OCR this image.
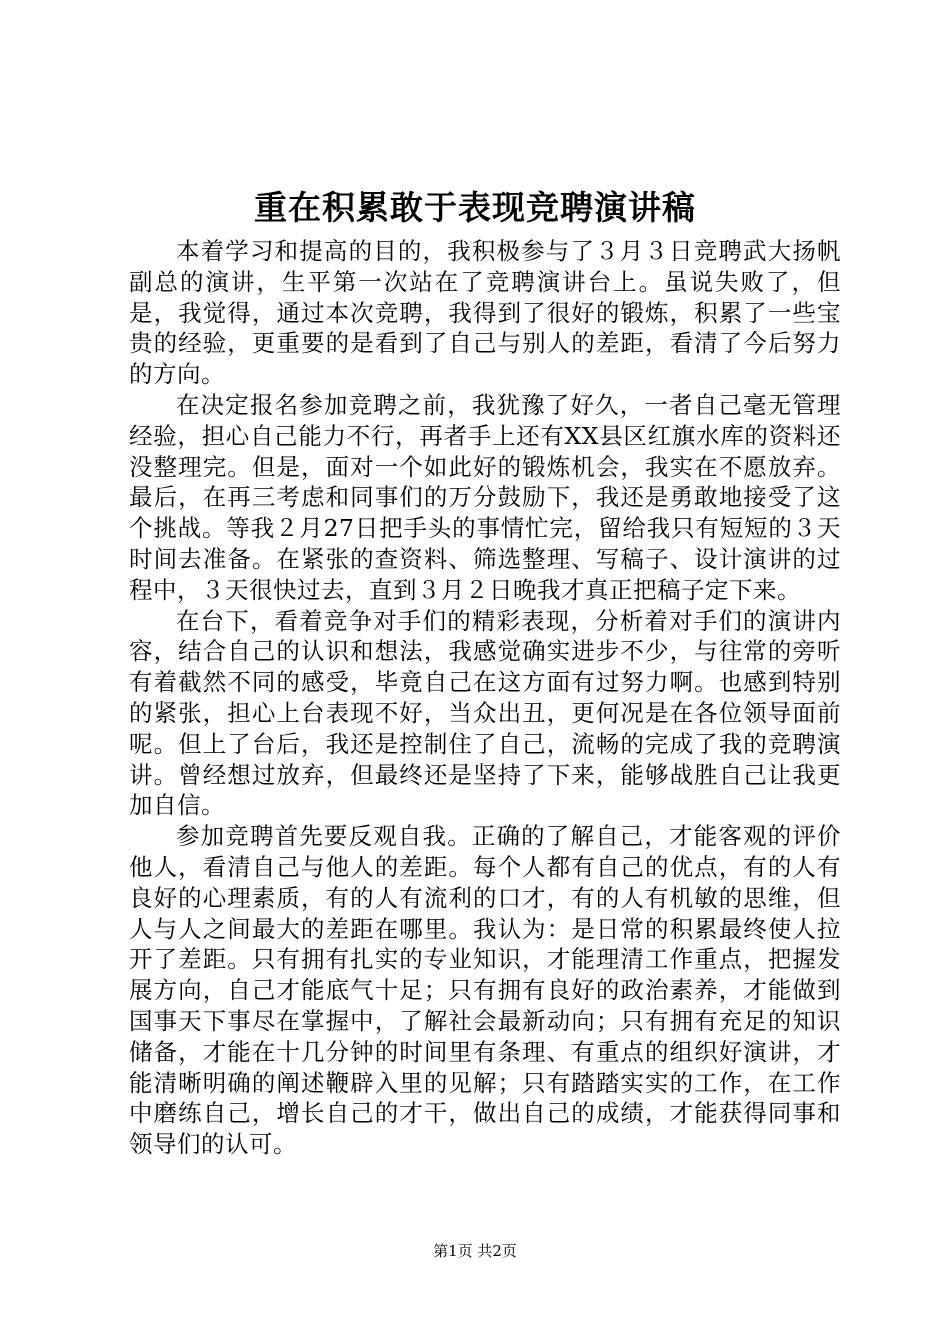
重在积累敢于表现竞聘演讲稿

本着学习和提高的目的，我积极参与了３月３日竞聘武大扬帆副总的演讲，生平第一次站在了竞聘演讲台上。虽说失败了，但是，我觉得，通过本次竞聘，我得到了很好的锻炼，积累了一些宝贵的经验，更重要的是看到了自己与别人的差距，看清了今后努力的方向。

在决定报名参加竞聘之前，我犹豫了好久，一者自己毫无管理经验，担心自己能力不行，再者手上还有XX县区红旗水库的资料还没整理完。但是，面对一个如此好的锻炼机会，我实在不愿放弃。最后，在再三考虑和同事们的万分鼓励下，我还是勇敢地接受了这个挑战。等我２月27日把手头的事情忙完，留给我只有短短的３天时间去准备。在紧张的查资料、筛选整理、写稿子、设计演讲的过程中，３天很快过去，直到３月２日晚我才真正把稿子定下来。

在台下，看着竞争对手们的精彩表现，分析着对手们的演讲内容，结合自己的认识和想法，我感觉确实进步不少，与往常的旁听有着截然不同的感受，毕竟自己在这方面有过努力啊。也感到特别的紧张，担心上台表现不好，当众出丑，更何况是在各位领导面前呢。但上了台后，我还是控制住了自己，流畅的完成了我的竞聘演讲。曾经想过放弃，但最终还是坚持了下来，能够战胜自己让我更加自信。

参加竞聘首先要反观自我。正确的了解自己，才能客观的评价他人，看清自己与他人的差距。每个人都有自己的优点，有的人有良好的心理素质，有的人有流利的口才，有的人有机敏的思维，但人与人之间最大的差距在哪里。我认为：是日常的积累最终使人拉开了差距。只有拥有扎实的专业知识，才能理清工作重点，把握发展方向，自己才能底气十足；只有拥有良好的政治素养，才能做到国事天下事尽在掌握中，了解社会最新动向；只有拥有充足的知识储备，才能在十几分钟的时间里有条理、有重点的组织好演讲，才能清晰明确的阐述鞭辟入里的见解；只有踏踏实实的工作，在工作中磨练自己，增长自己的才干，做出自己的成绩，才能获得同事和领导们的认可。

第1页 共2页
